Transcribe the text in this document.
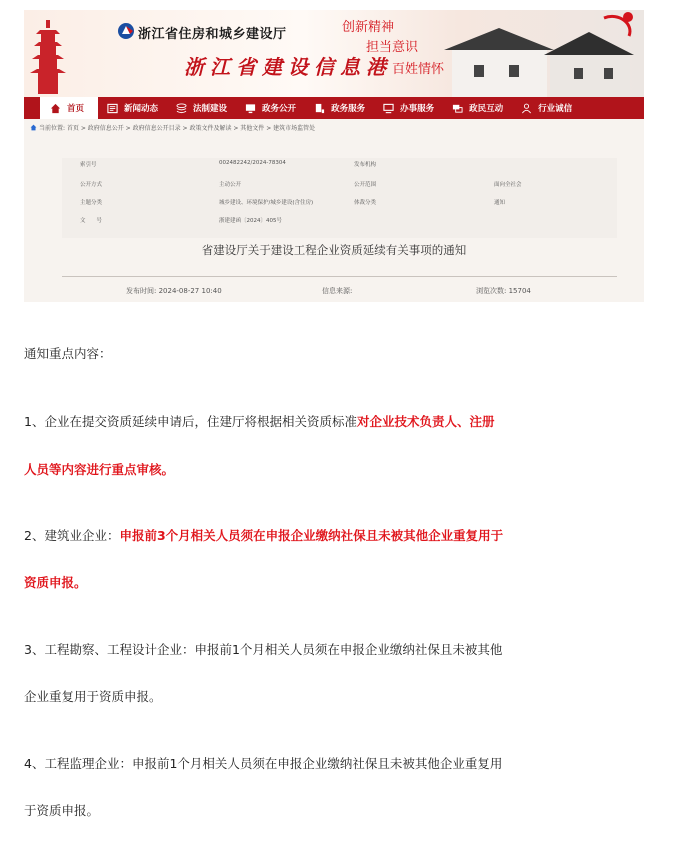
浙江省住房和城乡建设厅
浙江省建设信息港
创新精神
担当意识
百姓情怀
首页	新闻动态	法制建设	政务公开	政务服务	办事服务	政民互动	行业诚信
当前位置: 首页 > 政府信息公开 > 政府信息公开目录 > 政策文件及解读 > 其他文件 > 建筑市场监管处
索引号	002482242/2024-78304	发布机构
公开方式	主动公开	公开范围	面向全社会
主题分类	城乡建设、环境保护/城乡建设(含住房)	体裁分类	通知
文　　号	浙建建函〔2024〕405号
省建设厅关于建设工程企业资质延续有关事项的通知
发布时间: 2024-08-27 10:40	信息来源:	浏览次数: 15704
通知重点内容：
1、企业在提交资质延续申请后，住建厅将根据相关资质标准对企业技术负责人、注册
人员等内容进行重点审核。
2、建筑业企业：申报前3个月相关人员须在申报企业缴纳社保且未被其他企业重复用于
资质申报。
3、工程勘察、工程设计企业：申报前1个月相关人员须在申报企业缴纳社保且未被其他
企业重复用于资质申报。
4、工程监理企业：申报前1个月相关人员须在申报企业缴纳社保且未被其他企业重复用
于资质申报。
